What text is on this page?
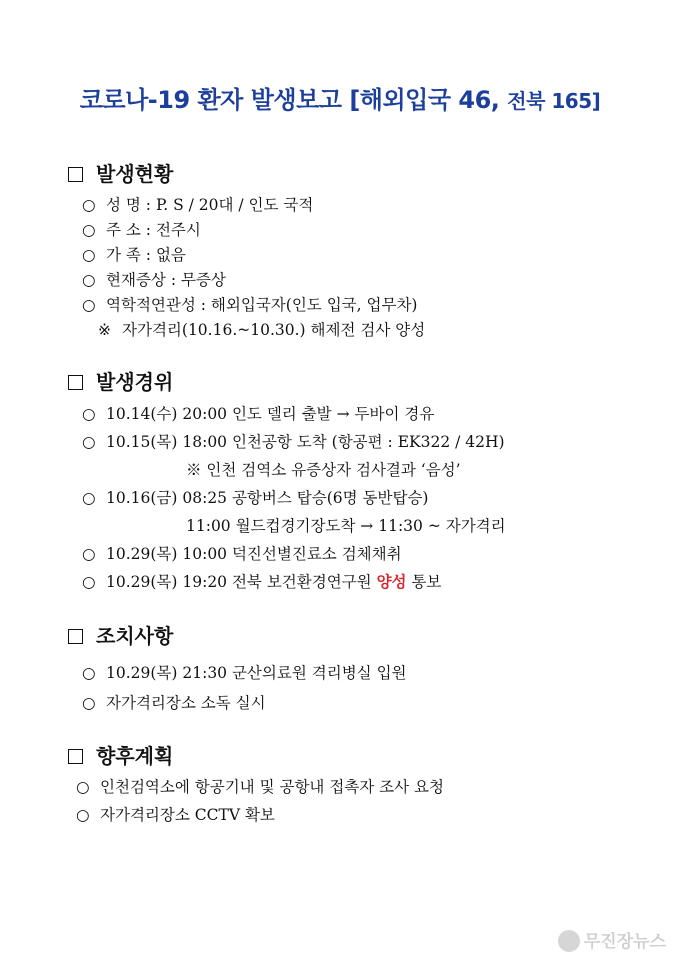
코로나-19 환자 발생보고 [해외입국 46, 전북 165]
발생현황
○ 성 명 : P. S / 20대 / 인도 국적
○ 주 소 : 전주시
○ 가 족 : 없음
○ 현재증상 : 무증상
○ 역학적연관성 : 해외입국자(인도 입국, 업무차)
※ 자가격리(10.16.~10.30.) 해제전 검사 양성
발생경위
○ 10.14(수) 20:00 인도 델리 출발 → 두바이 경유
○ 10.15(목) 18:00 인천공항 도착 (항공편 : EK322 / 42H)
※ 인천 검역소 유증상자 검사결과 ‘음성’
○ 10.16(금) 08:25 공항버스 탑승(6명 동반탑승)
11:00 월드컵경기장도착 → 11:30 ~ 자가격리
○ 10.29(목) 10:00 덕진선별진료소 검체채취
○ 10.29(목) 19:20 전북 보건환경연구원 양성 통보
조치사항
○ 10.29(목) 21:30 군산의료원 격리병실 입원
○ 자가격리장소 소독 실시
향후계획
○ 인천검역소에 항공기내 및 공항내 접촉자 조사 요청
○ 자가격리장소 CCTV 확보
무진장뉴스
